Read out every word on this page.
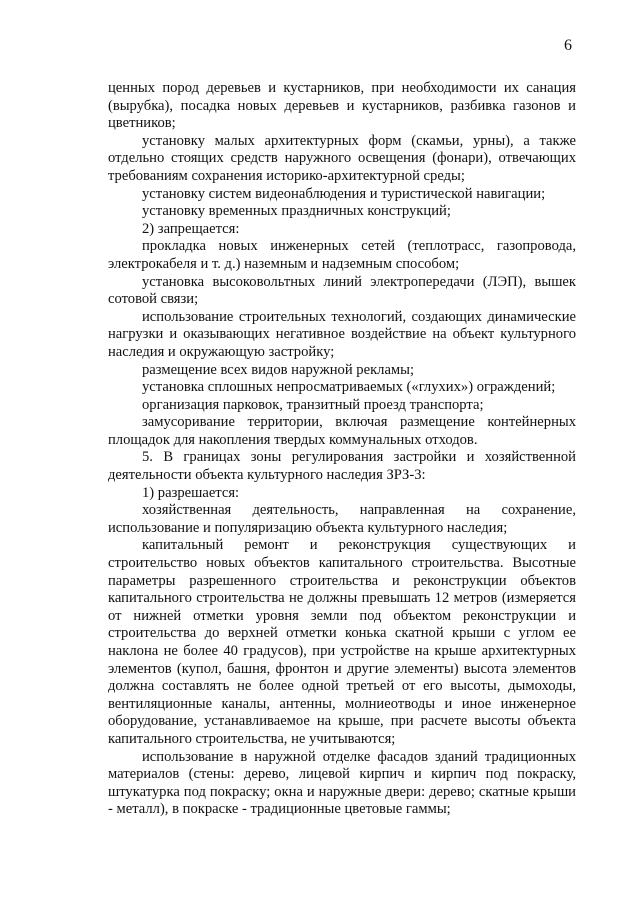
6

ценных пород деревьев и кустарников, при необходимости их санация (вырубка), посадка новых деревьев и кустарников, разбивка газонов и цветников;

установку малых архитектурных форм (скамьи, урны), а также отдельно стоящих средств наружного освещения (фонари), отвечающих требованиям сохранения историко-архитектурной среды;

установку систем видеонаблюдения и туристической навигации;

установку временных праздничных конструкций;

2) запрещается:

прокладка новых инженерных сетей (теплотрасс, газопровода, электрокабеля и т. д.) наземным и надземным способом;

установка высоковольтных линий электропередачи (ЛЭП), вышек сотовой связи;

использование строительных технологий, создающих динамические нагрузки и оказывающих негативное воздействие на объект культурного наследия и окружающую застройку;

размещение всех видов наружной рекламы;

установка сплошных непросматриваемых («глухих») ограждений;

организация парковок, транзитный проезд транспорта;

замусоривание территории, включая размещение контейнерных площадок для накопления твердых коммунальных отходов.

5. В границах зоны регулирования застройки и хозяйственной деятельности объекта культурного наследия ЗРЗ-3:

1) разрешается:

хозяйственная деятельность, направленная на сохранение, использование и популяризацию объекта культурного наследия;

капитальный ремонт и реконструкция существующих и строительство новых объектов капитального строительства. Высотные параметры разрешенного строительства и реконструкции объектов капитального строительства не должны превышать 12 метров (измеряется от нижней отметки уровня земли под объектом реконструкции и строительства до верхней отметки конька скатной крыши с углом ее наклона не более 40 градусов), при устройстве на крыше архитектурных элементов (купол, башня, фронтон и другие элементы) высота элементов должна составлять не более одной третьей от его высоты, дымоходы, вентиляционные каналы, антенны, молниеотводы и иное инженерное оборудование, устанавливаемое на крыше, при расчете высоты объекта капитального строительства, не учитываются;

использование в наружной отделке фасадов зданий традиционных материалов (стены: дерево, лицевой кирпич и кирпич под покраску, штукатурка под покраску; окна и наружные двери: дерево; скатные крыши - металл), в покраске - традиционные цветовые гаммы;
